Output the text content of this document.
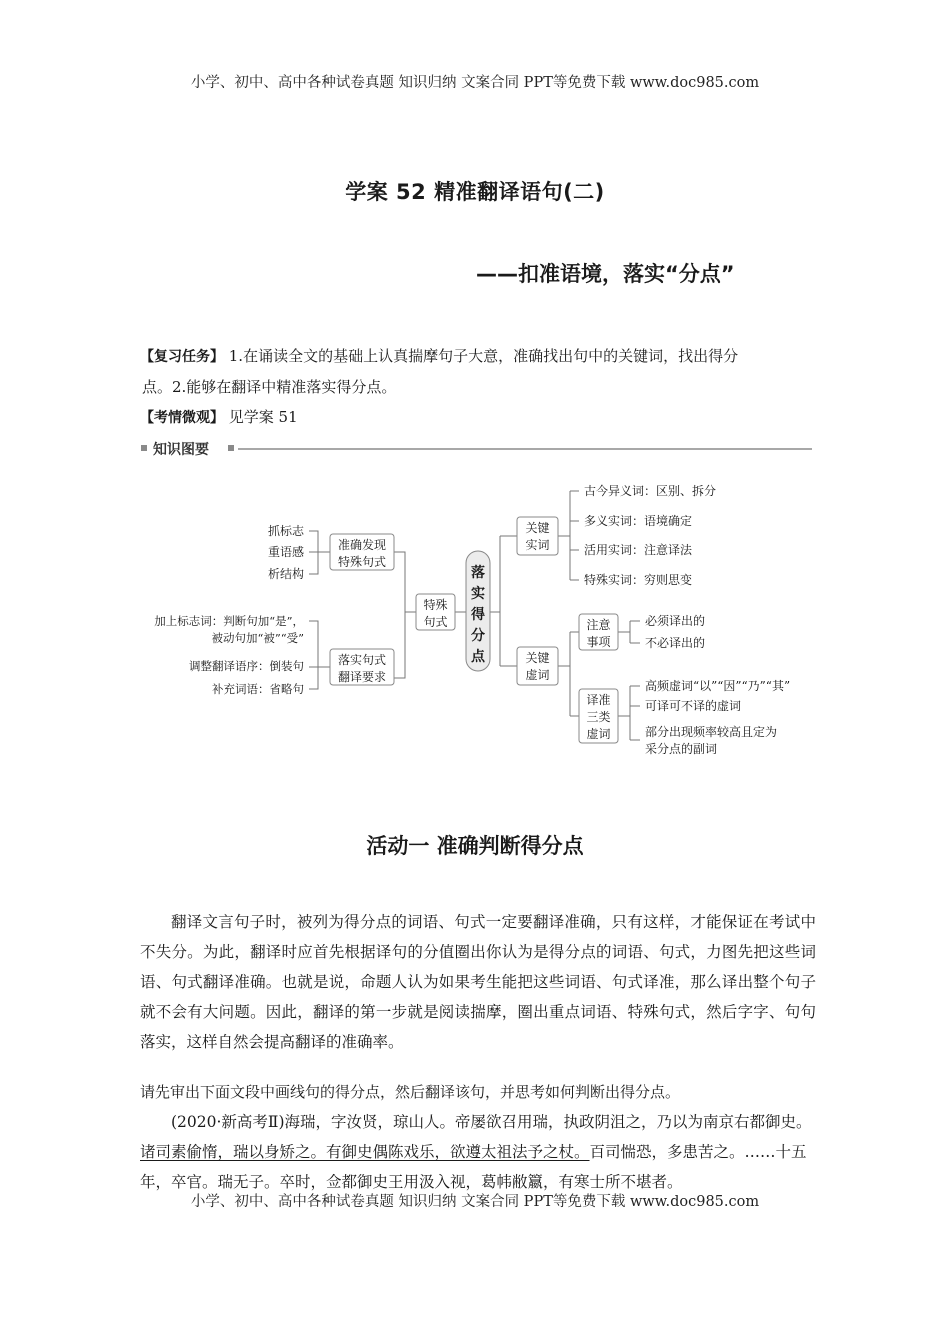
小学、初中、高中各种试卷真题 知识归纳 文案合同 PPT等免费下载 www.doc985.com
学案 52 精准翻译语句(二)
——扣准语境，落实“分点”
【复习任务】 1.在诵读全文的基础上认真揣摩句子大意，准确找出句中的关键词，找出得分
点。2.能够在翻译中精准落实得分点。
【考情微观】 见学案 51
知识图要
准确发现
特殊句式
落实句式
翻译要求
特殊
句式
落
实
得
分
点
关键
实词
关键
虚词
注意
事项
译准
三类
虚词
抓标志
重语感
析结构
加上标志词：判断句加“是”，
被动句加“被”“受”
调整翻译语序：倒装句
补充词语：省略句
古今异义词：区别、拆分
多义实词：语境确定
活用实词：注意译法
特殊实词：穷则思变
必须译出的
不必译出的
高频虚词“以”“因”“乃”“其”
可译可不译的虚词
部分出现频率较高且定为
采分点的副词
活动一 准确判断得分点
翻译文言句子时，被列为得分点的词语、句式一定要翻译准确，只有这样，才能保证在考试中不失分。为此，翻译时应首先根据译句的分值圈出你认为是得分点的词语、句式，力图先把这些词语、句式翻译准确。也就是说，命题人认为如果考生能把这些词语、句式译准，那么译出整个句子就不会有大问题。因此，翻译的第一步就是阅读揣摩，圈出重点词语、特殊句式，然后字字、句句落实，这样自然会提高翻译的准确率。
请先审出下面文段中画线句的得分点，然后翻译该句，并思考如何判断出得分点。
　　(2020·新高考Ⅱ)海瑞，字汝贤，琼山人。帝屡欲召用瑞，执政阴沮之，乃以为南京右都御史。诸司素偷惰，瑞以身矫之。有御史偶陈戏乐，欲遵太祖法予之杖。百司惴恐，多患苦之。……十五年，卒官。瑞无子。卒时，佥都御史王用汲入视，葛帏敝籝，有寒士所不堪者。
小学、初中、高中各种试卷真题 知识归纳 文案合同 PPT等免费下载 www.doc985.com
